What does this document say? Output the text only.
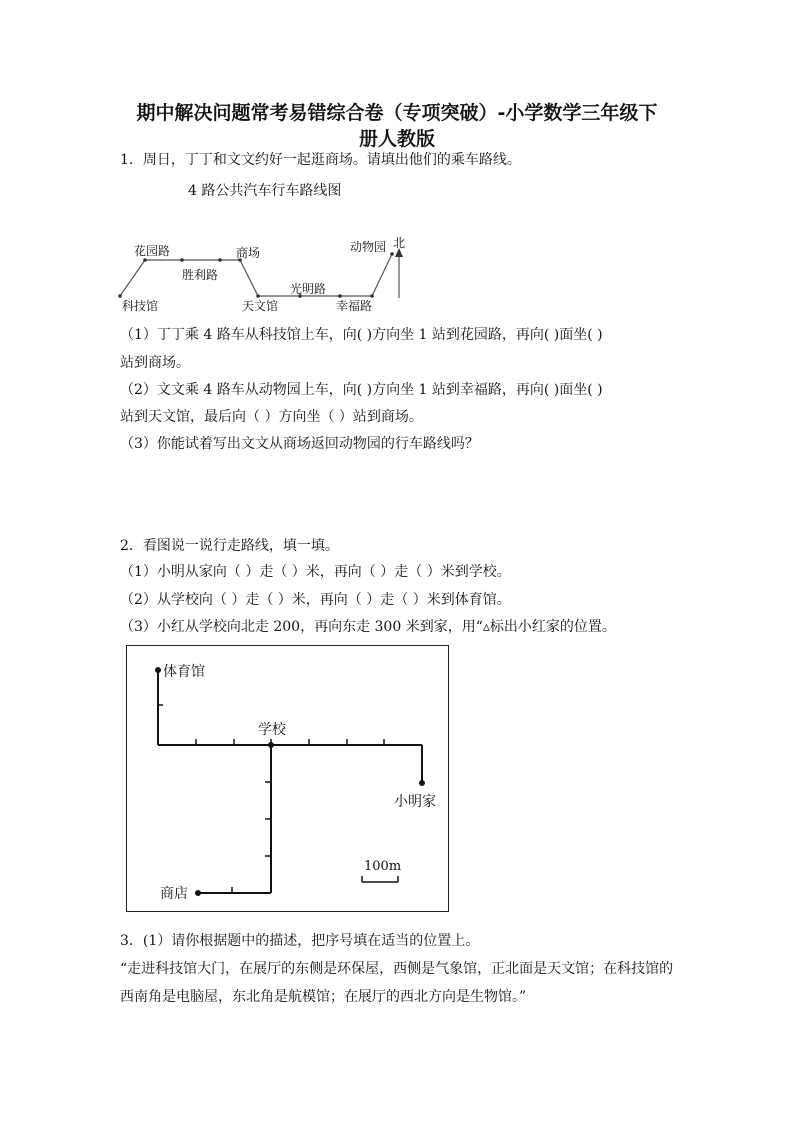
期中解决问题常考易错综合卷（专项突破）-小学数学三年级下
册人教版
1．周日，丁丁和文文约好一起逛商场。请填出他们的乘车路线。
4 路公共汽车行车路线图
花园路	商场	动物园 北
胜利路
光明路
科技馆	天文馆	幸福路
（1）丁丁乘 4 路车从科技馆上车，向( )方向坐 1 站到花园路，再向( )面坐( )
站到商场。
（2）文文乘 4 路车从动物园上车，向( )方向坐 1 站到幸福路，再向( )面坐( )
站到天文馆，最后向（ ）方向坐（ ）站到商场。
（3）你能试着写出文文从商场返回动物园的行车路线吗？
2．看图说一说行走路线，填一填。
（1）小明从家向（ ）走（ ）米，再向（ ）走（ ）米到学校。
（2）从学校向（ ）走（ ）米，再向（ ）走（ ）米到体育馆。
（3）小红从学校向北走 200，再向东走 300 米到家，用“▵标出小红家的位置。
体育馆
学校
小明家
100m
商店
3．(1）请你根据题中的描述，把序号填在适当的位置上。
“走进科技馆大门，在展厅的东侧是环保屋，西侧是气象馆，正北面是天文馆；在科技馆的
西南角是电脑屋，东北角是航模馆；在展厅的西北方向是生物馆。”
